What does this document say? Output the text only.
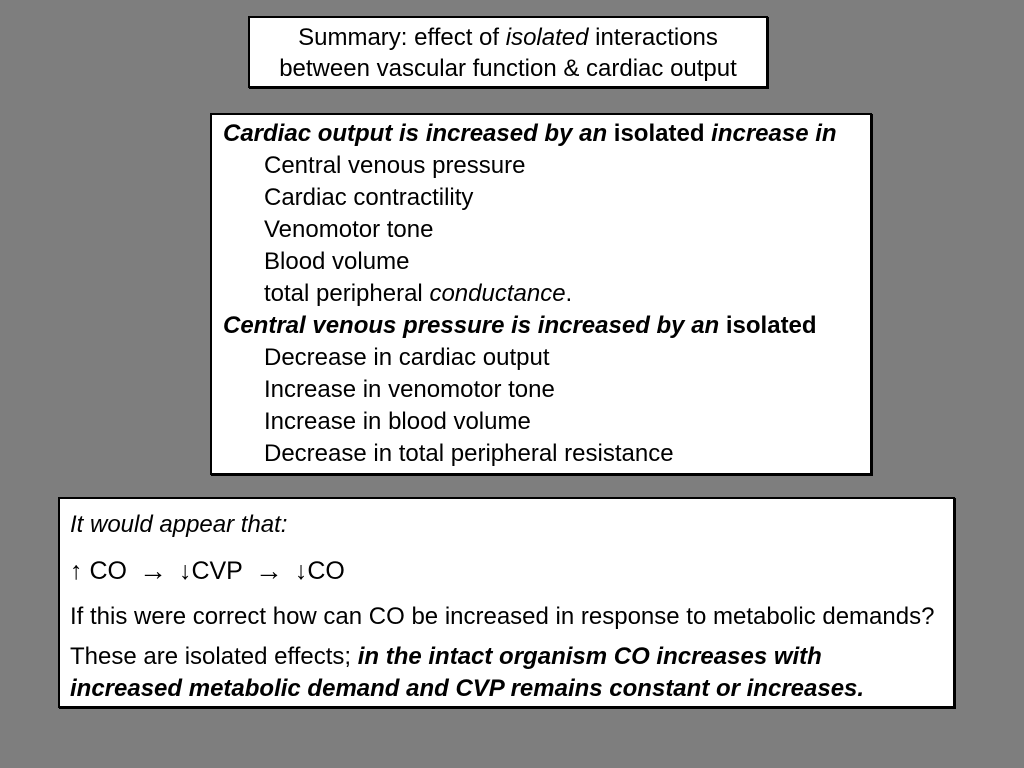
Summary: effect of isolated interactions
between vascular function & cardiac output
Cardiac output is increased by an isolated increase in
Central venous pressure
Cardiac contractility
Venomotor tone
Blood volume
total peripheral conductance.
Central venous pressure is increased by an isolated
Decrease in cardiac output
Increase in venomotor tone
Increase in blood volume
Decrease in total peripheral resistance

It would appear that:

↑ CO → ↓CVP → ↓CO

If this were correct how can CO be increased in response to metabolic demands?

These are isolated effects; in the intact organism CO increases with
increased metabolic demand and CVP remains constant or increases.
